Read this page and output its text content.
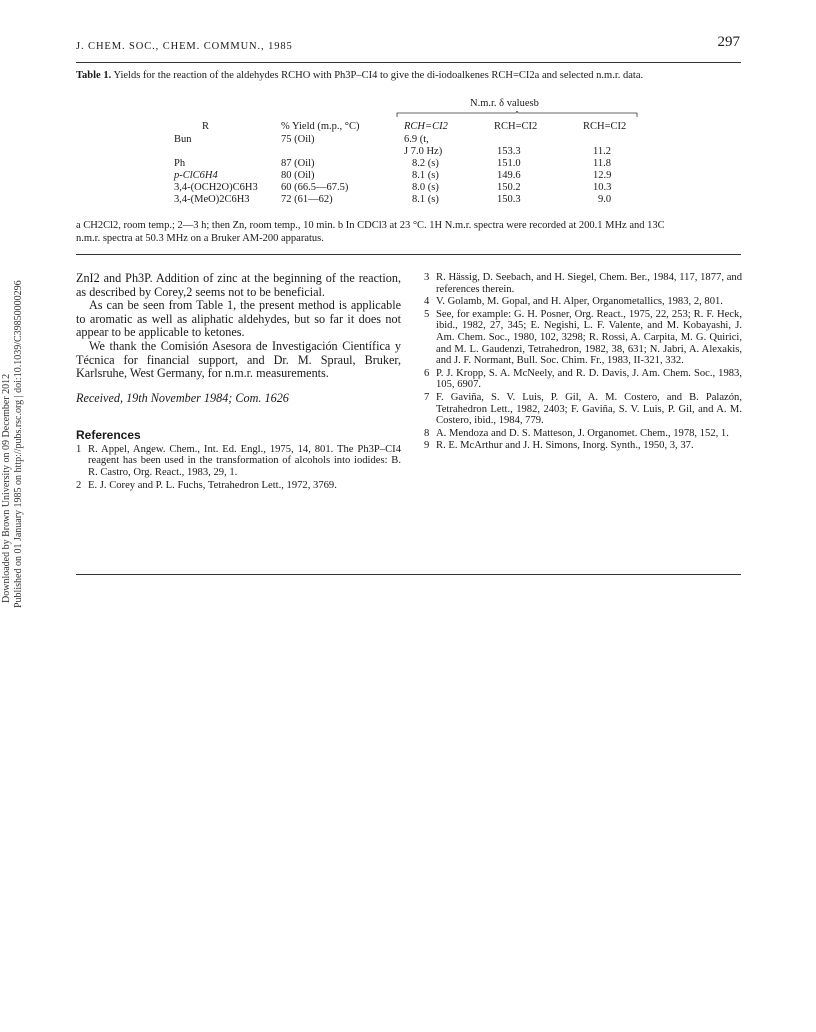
Downloaded by Brown University on 09 December 2012 Published on 01 January 1985 on http://pubs.rsc.org | doi:10.1039/C39850000296
J. CHEM. SOC., CHEM. COMMUN., 1985	297
Table 1. Yields for the reaction of the aldehydes RCHO with Ph3P–CI4 to give the di-iodoalkenes RCH=CI2a and selected n.m.r. data.
N.m.r. δ valuesb
R	% Yield (m.p., °C)	RCH=CI2	RCH=CI2	RCH=CI2
Bun	75 (Oil)	6.9 (t,
J 7.0 Hz)	153.3	11.2
Ph	87 (Oil)	8.2 (s)	151.0	11.8
p-ClC6H4	80 (Oil)	8.1 (s)	149.6	12.9
3,4-(OCH2O)C6H3 60 (66.5—67.5)	8.0 (s)	150.2	10.3
3,4-(MeO)2C6H3	72 (61—62)	8.1 (s)	150.3	9.0
a CH2Cl2, room temp.; 2—3 h; then Zn, room temp., 10 min. b In CDCl3 at 23 °C. 1H N.m.r. spectra were recorded at 200.1 MHz and 13C
n.m.r. spectra at 50.3 MHz on a Bruker AM-200 apparatus.

ZnI2 and Ph3P. Addition of zinc at the beginning of the reaction, as described by Corey,2 seems not to be beneficial.

As can be seen from Table 1, the present method is applicable to aromatic as well as aliphatic aldehydes, but so far it does not appear to be applicable to ketones.

We thank the Comisión Asesora de Investigación Científica y Técnica for financial support, and Dr. M. Spraul, Bruker, Karlsruhe, West Germany, for n.m.r. measurements.

Received, 19th November 1984; Com. 1626
References

1 R. Appel, Angew. Chem., Int. Ed. Engl., 1975, 14, 801. The Ph3P–CI4 reagent has been used in the transformation of alcohols into iodides: B. R. Castro, Org. React., 1983, 29, 1.

2 E. J. Corey and P. L. Fuchs, Tetrahedron Lett., 1972, 3769.

3 R. Hässig, D. Seebach, and H. Siegel, Chem. Ber., 1984, 117, 1877, and references therein.

4 V. Golamb, M. Gopal, and H. Alper, Organometallics, 1983, 2, 801.

5 See, for example: G. H. Posner, Org. React., 1975, 22, 253; R. F. Heck, ibid., 1982, 27, 345; E. Negishi, L. F. Valente, and M. Kobayashi, J. Am. Chem. Soc., 1980, 102, 3298; R. Rossi, A. Carpita, M. G. Quirici, and M. L. Gaudenzi, Tetrahedron, 1982, 38, 631; N. Jabri, A. Alexakis, and J. F. Normant, Bull. Soc. Chim. Fr., 1983, II-321, 332.

6 P. J. Kropp, S. A. McNeely, and R. D. Davis, J. Am. Chem. Soc., 1983, 105, 6907.

7 F. Gaviña, S. V. Luis, P. Gil, A. M. Costero, and B. Palazón, Tetrahedron Lett., 1982, 2403; F. Gaviña, S. V. Luis, P. Gil, and A. M. Costero, ibid., 1984, 779.

8 A. Mendoza and D. S. Matteson, J. Organomet. Chem., 1978, 152, 1.

9 R. E. McArthur and J. H. Simons, Inorg. Synth., 1950, 3, 37.
